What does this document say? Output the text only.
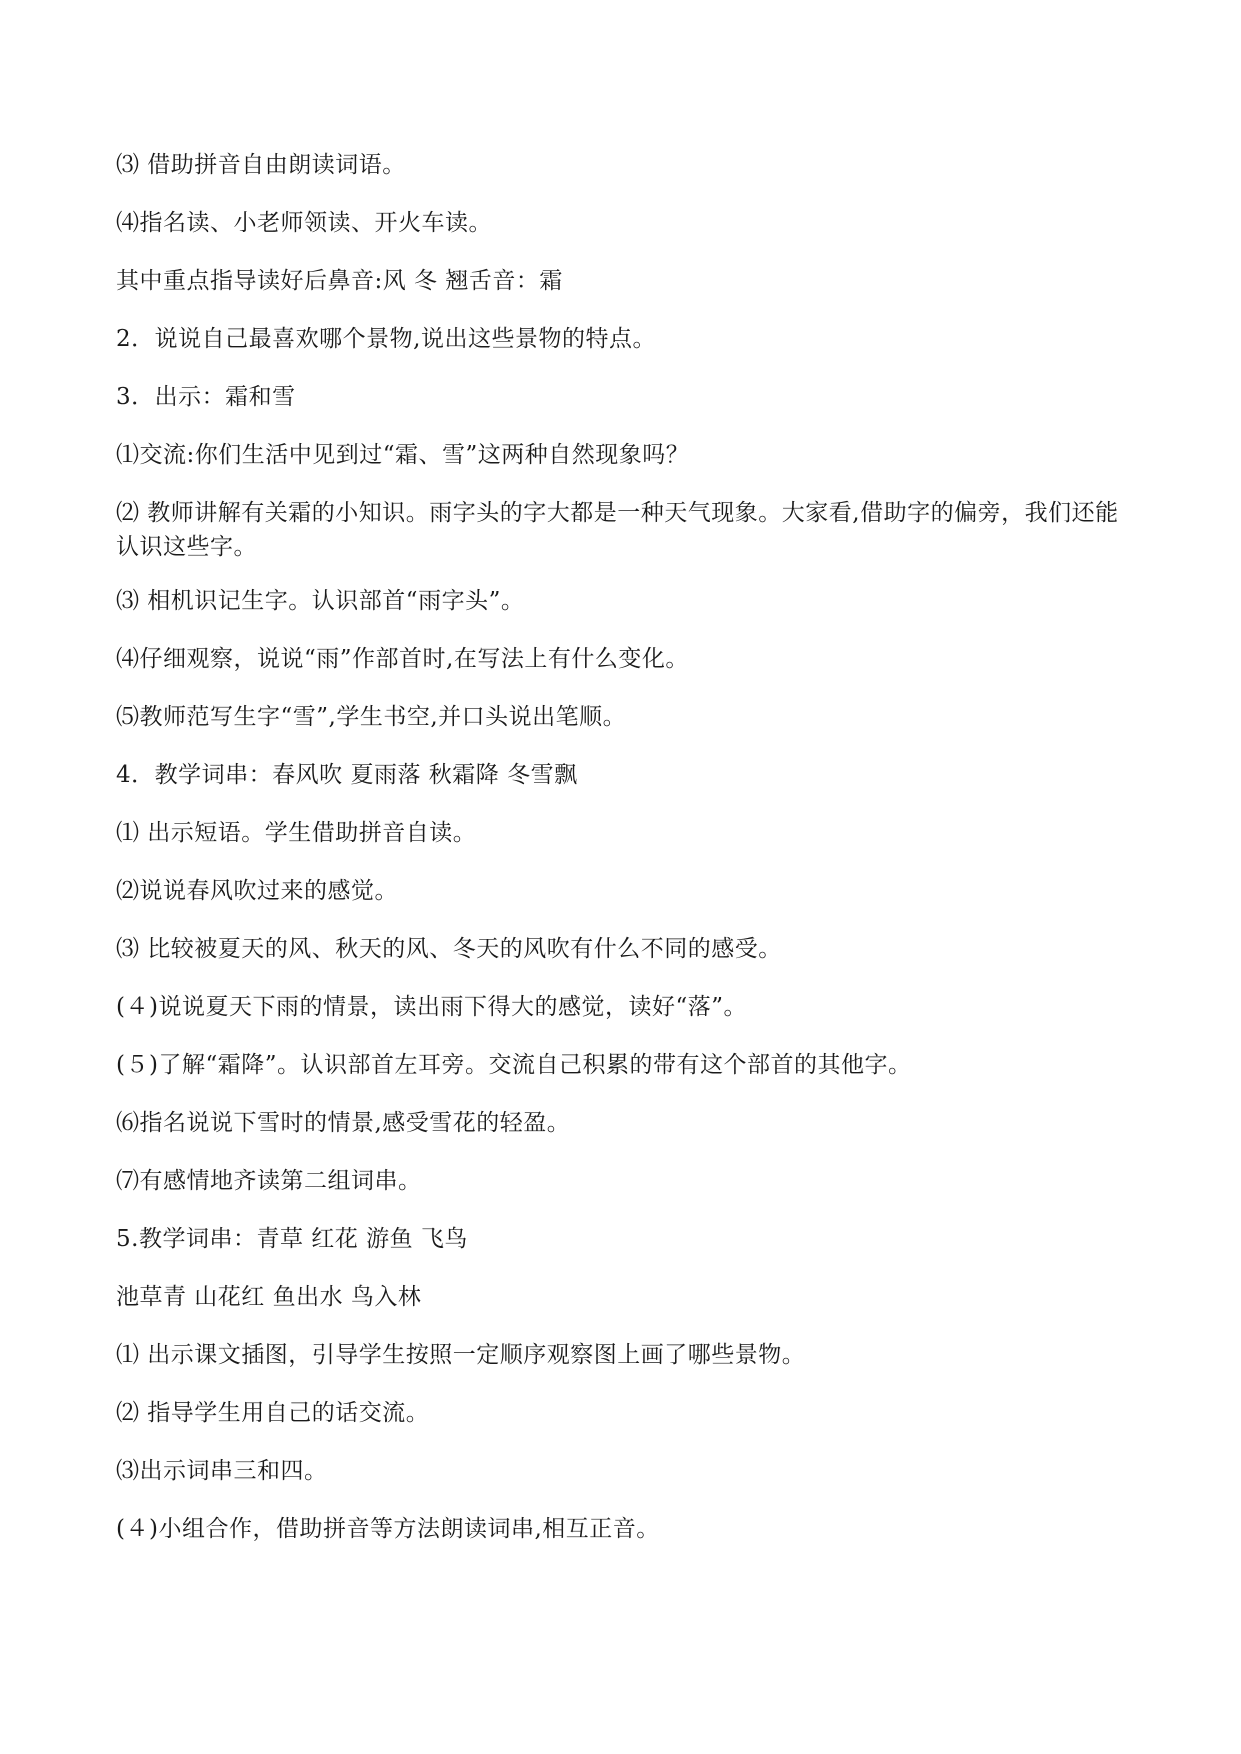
⑶ 借助拼音自由朗读词语。
⑷指名读、小老师领读、开火车读。
其中重点指导读好后鼻音:风 冬 翘舌音：霜
2．说说自己最喜欢哪个景物,说出这些景物的特点。
3．出示：霜和雪
⑴交流:你们生活中见到过“霜、雪”这两种自然现象吗？
⑵ 教师讲解有关霜的小知识。雨字头的字大都是一种天气现象。大家看,借助字的偏旁，我们还能认识这些字。
⑶ 相机识记生字。认识部首“雨字头”。
⑷仔细观察，说说“雨”作部首时,在写法上有什么变化。
⑸教师范写生字“雪”,学生书空,并口头说出笔顺。
4．教学词串：春风吹 夏雨落 秋霜降 冬雪飘
⑴ 出示短语。学生借助拼音自读。
⑵说说春风吹过来的感觉。
⑶ 比较被夏天的风、秋天的风、冬天的风吹有什么不同的感受。
(４)说说夏天下雨的情景，读出雨下得大的感觉，读好“落”。
(５)了解“霜降”。认识部首左耳旁。交流自己积累的带有这个部首的其他字。
⑹指名说说下雪时的情景,感受雪花的轻盈。
⑺有感情地齐读第二组词串。
5.教学词串：青草 红花 游鱼 飞鸟
池草青 山花红 鱼出水 鸟入林
⑴ 出示课文插图，引导学生按照一定顺序观察图上画了哪些景物。
⑵ 指导学生用自己的话交流。
⑶出示词串三和四。
(４)小组合作，借助拼音等方法朗读词串,相互正音。
